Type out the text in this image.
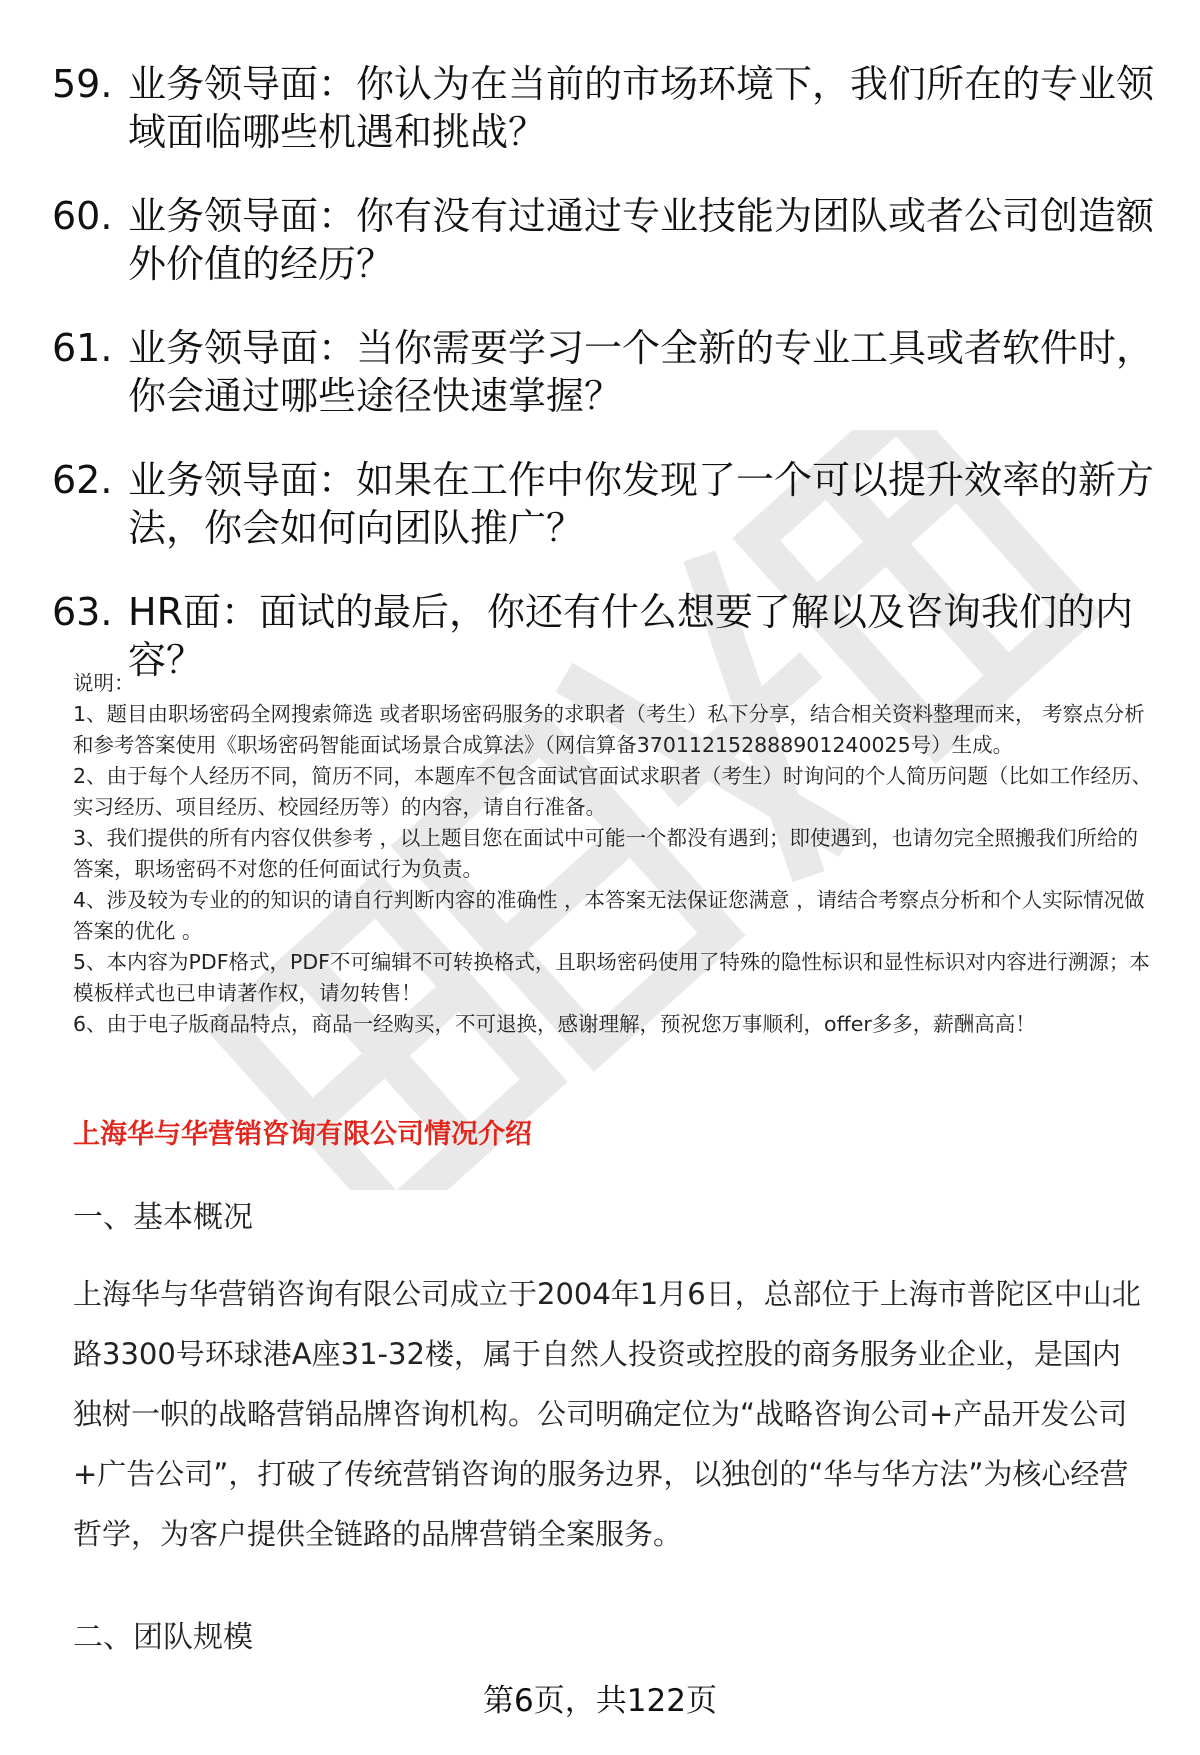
59. 业务领导面：你认为在当前的市场环境下，我们所在的专业领域面临哪些机遇和挑战？
60. 业务领导面：你有没有过通过专业技能为团队或者公司创造额外价值的经历？
61. 业务领导面：当你需要学习一个全新的专业工具或者软件时，你会通过哪些途径快速掌握？
62. 业务领导面：如果在工作中你发现了一个可以提升效率的新方法，你会如何向团队推广？
63. HR面：面试的最后，你还有什么想要了解以及咨询我们的内容？

说明：

1、题目由职场密码全网搜索筛选 或者职场密码服务的求职者（考生）私下分享，结合相关资料整理而来， 考察点分析和参考答案使用《职场密码智能面试场景合成算法》（网信算备370112152888901240025号）生成。

2、由于每个人经历不同，简历不同，本题库不包含面试官面试求职者（考生）时询问的个人简历问题（比如工作经历、实习经历、项目经历、校园经历等）的内容，请自行准备。

3、我们提供的所有内容仅供参考 ，以上题目您在面试中可能一个都没有遇到；即使遇到，也请勿完全照搬我们所给的答案，职场密码不对您的任何面试行为负责。

4、涉及较为专业的的知识的请自行判断内容的准确性 ，本答案无法保证您满意 ，请结合考察点分析和个人实际情况做答案的优化 。

5、本内容为PDF格式，PDF不可编辑不可转换格式，且职场密码使用了特殊的隐性标识和显性标识对内容进行溯源；本模板样式也已申请著作权，请勿转售！

6、由于电子版商品特点，商品一经购买，不可退换，感谢理解，预祝您万事顺利，offer多多，薪酬高高！

上海华与华营销咨询有限公司情况介绍
一、基本概况

上海华与华营销咨询有限公司成立于2004年1月6日，总部位于上海市普陀区中山北路3300号环球港A座31-32楼，属于自然人投资或控股的商务服务业企业，是国内独树一帜的战略营销品牌咨询机构。公司明确定位为“战略咨询公司+产品开发公司+广告公司”，打破了传统营销咨询的服务边界，以独创的“华与华方法”为核心经营哲学，为客户提供全链路的品牌营销全案服务。

二、团队规模
第6页，共122页
